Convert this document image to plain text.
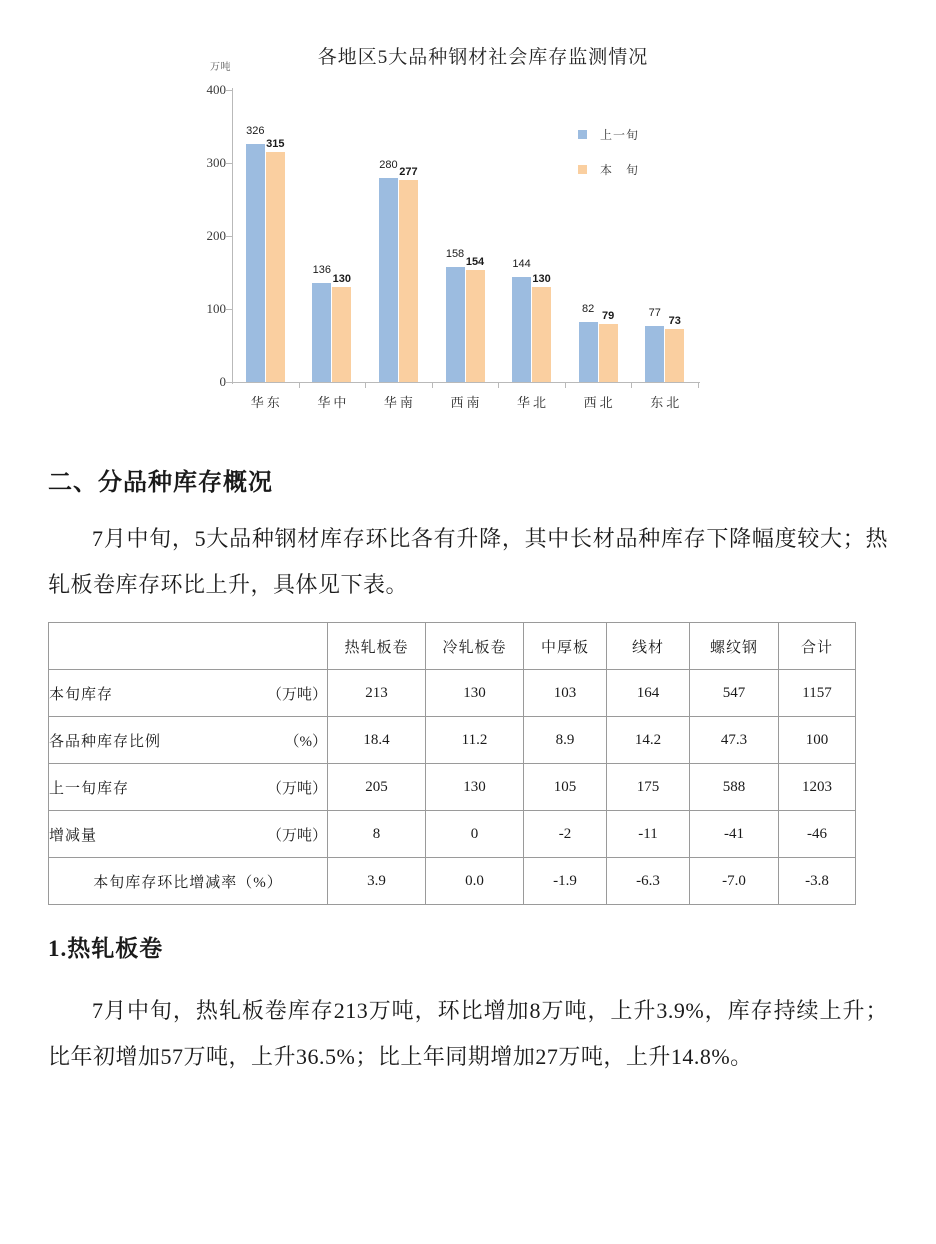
各地区5大品种钢材社会库存监测情况
万吨
0
100
200
300
400
326
315
华东
136
130
华中
280
277
华南
158
154
西南
144
130
华北
82
79
西北
77
73
东北
上一旬
本　旬
二、分品种库存概况

7月中旬，5大品种钢材库存环比各有升降，其中长材品种库存下降幅度较大；热轧板卷库存环比上升，具体见下表。

	热轧板卷	冷轧板卷	中厚板	线材	螺纹钢	合计

本旬库存 （万吨）	213	130	103	164	547	1157

各品种库存比例 （%）	18.4	11.2	8.9	14.2	47.3	100

上一旬库存 （万吨）	205	130	105	175	588	1203

增减量 （万吨）	8	0	-2	-11	-41	-46
本旬库存环比增减率（%）	3.9	0.0	-1.9	-6.3	-7.0	-3.8
1.热轧板卷

7月中旬，热轧板卷库存213万吨，环比增加8万吨，上升3.9%，库存持续上升；比年初增加57万吨，上升36.5%；比上年同期增加27万吨，上升14.8%。
